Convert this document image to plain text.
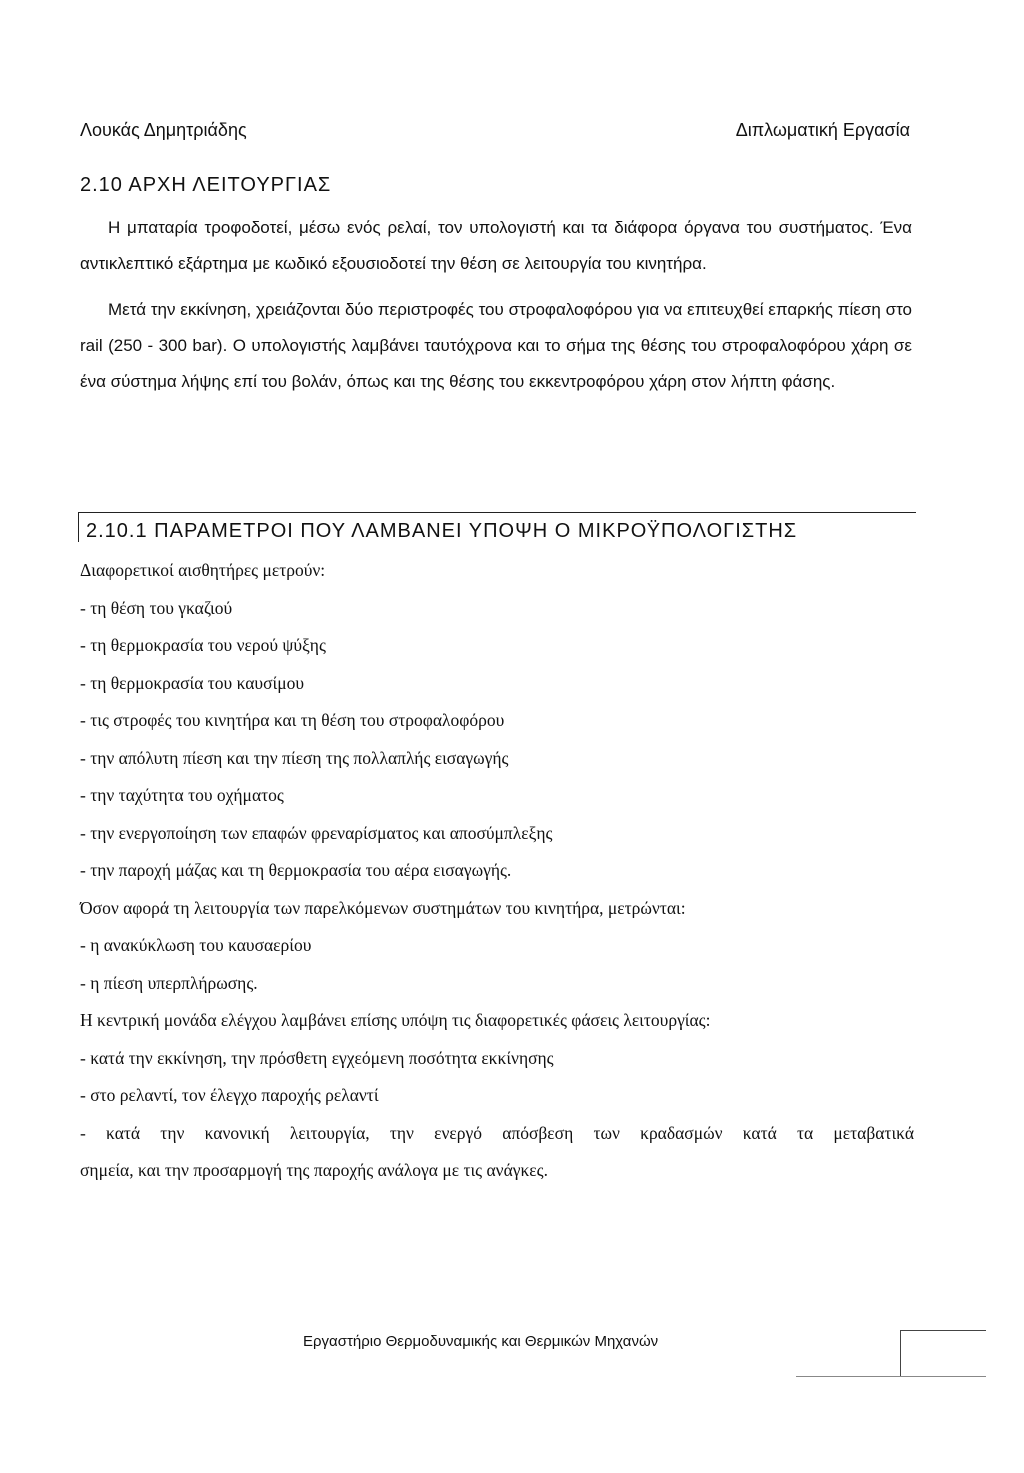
Λουκάς Δημητριάδης	Διπλωματική Εργασία
2.10 ΑΡΧΗ ΛΕΙΤΟΥΡΓΙΑΣ

Η μπαταρία τροφοδοτεί, μέσω ενός ρελαί, τον υπολογιστή και τα διάφορα όργανα του συστήματος. Ένα αντικλεπτικό εξάρτημα με κωδικό εξουσιοδοτεί την θέση σε λειτουργία του κινητήρα.

Μετά την εκκίνηση, χρειάζονται δύο περιστροφές του στροφαλοφόρου για να επιτευχθεί επαρκής πίεση στο rail (250 - 300 bar). Ο υπολογιστής λαμβάνει ταυτόχρονα και το σήμα της θέσης του στροφαλοφόρου χάρη σε ένα σύστημα λήψης επί του βολάν, όπως και της θέσης του εκκεντροφόρου χάρη στον λήπτη φάσης.

2.10.1 ΠΑΡΑΜΕΤΡΟΙ ΠΟΥ ΛΑΜΒΑΝΕΙ ΥΠΟΨΗ Ο ΜΙΚΡΟΫΠΟΛΟΓΙΣΤΗΣ
Διαφορετικοί αισθητήρες μετρούν:
- τη θέση του γκαζιού
- τη θερμοκρασία του νερού ψύξης
- τη θερμοκρασία του καυσίμου
- τις στροφές του κινητήρα και τη θέση του στροφαλοφόρου
- την απόλυτη πίεση και την πίεση της πολλαπλής εισαγωγής
- την ταχύτητα του οχήματος
- την ενεργοποίηση των επαφών φρεναρίσματος και αποσύμπλεξης
- την παροχή μάζας και τη θερμοκρασία του αέρα εισαγωγής.
Όσον αφορά τη λειτουργία των παρελκόμενων συστημάτων του κινητήρα, μετρώνται:
- η ανακύκλωση του καυσαερίου
- η πίεση υπερπλήρωσης.
Η κεντρική μονάδα ελέγχου λαμβάνει επίσης υπόψη τις διαφορετικές φάσεις λειτουργίας:
- κατά την εκκίνηση, την πρόσθετη εγχεόμενη ποσότητα εκκίνησης
- στο ρελαντί, τον έλεγχο παροχής ρελαντί
- κατά την κανονική λειτουργία, την ενεργό απόσβεση των κραδασμών κατά τα μεταβατικά
σημεία, και την προσαρμογή της παροχής ανάλογα με τις ανάγκες.
Εργαστήριο Θερμοδυναμικής και Θερμικών Μηχανών
